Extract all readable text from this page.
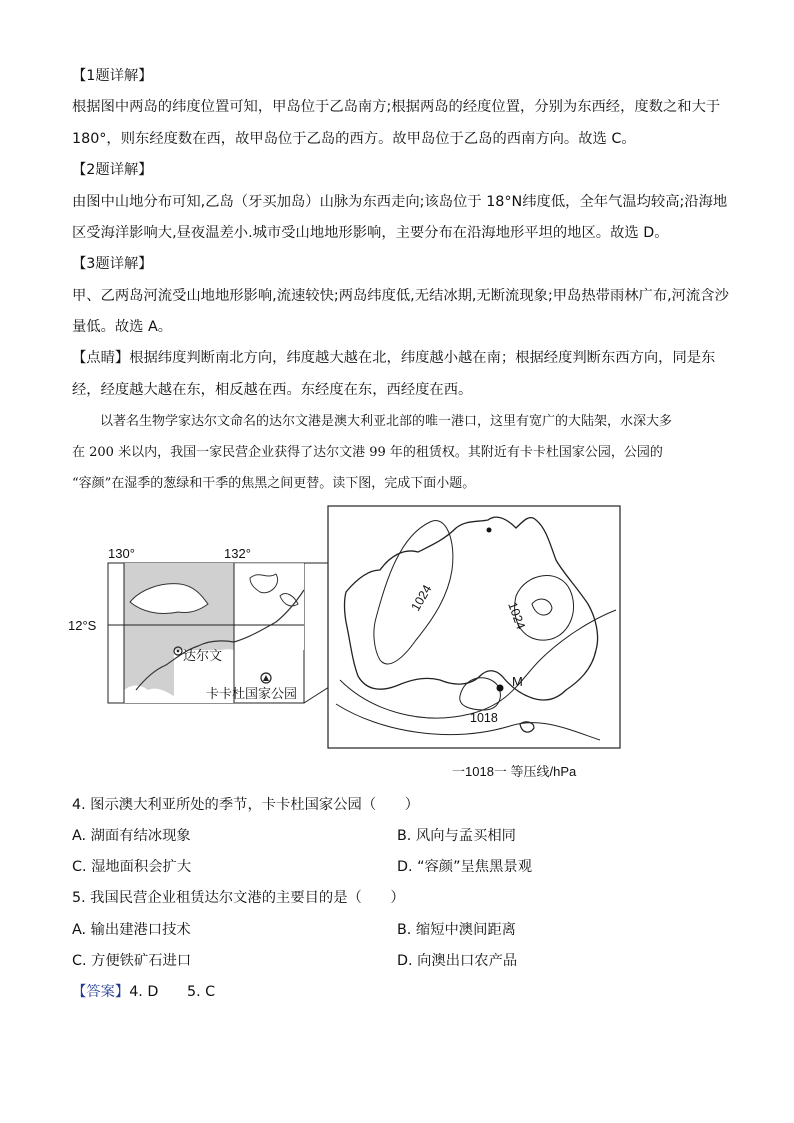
【1题详解】
根据图中两岛的纬度位置可知，甲岛位于乙岛南方;根据两岛的经度位置，分别为东西经，度数之和大于
180°，则东经度数在西，故甲岛位于乙岛的西方。故甲岛位于乙岛的西南方向。故选 C。
【2题详解】
由图中山地分布可知,乙岛（牙买加岛）山脉为东西走向;该岛位于 18°N纬度低，全年气温均较高;沿海地
区受海洋影响大,昼夜温差小.城市受山地地形影响，主要分布在沿海地形平坦的地区。故选 D。
【3题详解】
甲、乙两岛河流受山地地形影响,流速较快;两岛纬度低,无结冰期,无断流现象;甲岛热带雨林广布,河流含沙
量低。故选 A。
【点睛】根据纬度判断南北方向，纬度越大越在北，纬度越小越在南；根据经度判断东西方向，同是东
经，经度越大越在东，相反越在西。东经度在东，西经度在西。
以著名生物学家达尔文命名的达尔文港是澳大利亚北部的唯一港口，这里有宽广的大陆架，水深大多
在 200 米以内，我国一家民营企业获得了达尔文港 99 年的租赁权。其附近有卡卡杜国家公园，公园的
“容颜”在湿季的葱绿和干季的焦黑之间更替。读下图，完成下面小题。
130°	132°
12°S
达尔文
卡卡杜国家公园
1024
1024
1018
M
一1018一 等压线/hPa
4. 图示澳大利亚所处的季节，卡卡杜国家公园（　　）
A. 湖面有结冰现象	B. 风向与孟买相同
C. 湿地面积会扩大	D. “容颜”呈焦黑景观
5. 我国民营企业租赁达尔文港的主要目的是（　　）
A. 输出建港口技术	B. 缩短中澳间距离
C. 方便铁矿石进口	D. 向澳出口农产品
【答案】4. D　　5. C
